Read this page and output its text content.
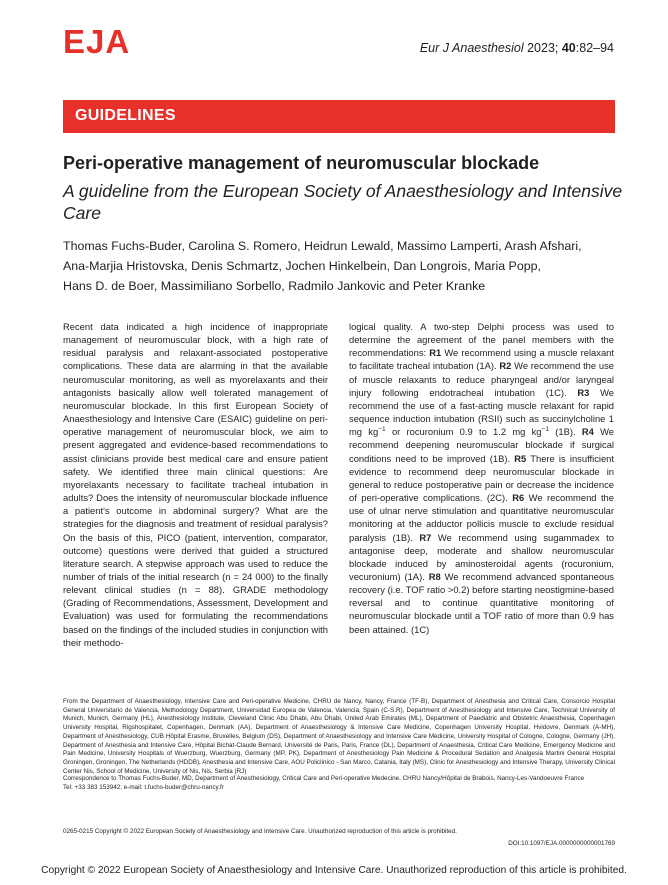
EJA	Eur J Anaesthesiol 2023; 40:82–94
GUIDELINES
Peri-operative management of neuromuscular blockade
A guideline from the European Society of Anaesthesiology and Intensive Care
Thomas Fuchs-Buder, Carolina S. Romero, Heidrun Lewald, Massimo Lamperti, Arash Afshari,
Ana-Marjia Hristovska, Denis Schmartz, Jochen Hinkelbein, Dan Longrois, Maria Popp,
Hans D. de Boer, Massimiliano Sorbello, Radmilo Jankovic and Peter Kranke
Recent data indicated a high incidence of inappropriate management of neuromuscular block, with a high rate of residual paralysis and relaxant-associated postoperative complications. These data are alarming in that the available neuromuscular monitoring, as well as myorelaxants and their antagonists basically allow well tolerated management of neuromuscular blockade. In this first European Society of Anaesthesiology and Intensive Care (ESAIC) guideline on peri-operative management of neuromuscular block, we aim to present aggregated and evidence-based recommendations to assist clinicians provide best medical care and ensure patient safety. We identified three main clinical questions: Are myorelaxants necessary to facilitate tracheal intubation in adults? Does the intensity of neuromuscular blockade influence a patient's outcome in abdominal surgery? What are the strategies for the diagnosis and treatment of residual paralysis? On the basis of this, PICO (patient, intervention, comparator, outcome) questions were derived that guided a structured literature search. A stepwise approach was used to reduce the number of trials of the initial research (n = 24 000) to the finally relevant clinical studies (n = 88). GRADE methodology (Grading of Recommendations, Assessment, Development and Evaluation) was used for formulating the recommendations based on the findings of the included studies in conjunction with their methodo-
logical quality. A two-step Delphi process was used to determine the agreement of the panel members with the recommendations: R1 We recommend using a muscle relaxant to facilitate tracheal intubation (1A). R2 We recommend the use of muscle relaxants to reduce pharyngeal and/or laryngeal injury following endotracheal intubation (1C). R3 We recommend the use of a fast-acting muscle relaxant for rapid sequence induction intubation (RSII) such as succinylcholine 1 mg $kg^{-1}$ or rocuronium 0.9 to 1.2 mg $kg^{-1}$ (1B). R4 We recommend deepening neuromuscular blockade if surgical conditions need to be improved (1B). R5 There is insufficient evidence to recommend deep neuromuscular blockade in general to reduce postoperative pain or decrease the incidence of peri-operative complications. (2C). R6 We recommend the use of ulnar nerve stimulation and quantitative neuromuscular monitoring at the adductor pollicis muscle to exclude residual paralysis (1B). R7 We recommend using sugammadex to antagonise deep, moderate and shallow neuromuscular blockade induced by aminosteroidal agents (rocuronium, vecuronium) (1A). R8 We recommend advanced spontaneous recovery (i.e. TOF ratio >0.2) before starting neostigmine-based reversal and to continue quantitative monitoring of neuromuscular blockade until a TOF ratio of more than 0.9 has been attained. (1C)
From the Department of Anaesthesiology, Intensive Care and Peri-operative Medicine, CHRU de Nancy, Nancy, France (TF-B), Department of Anesthesia and Critical Care, Consorcio Hospital General Universitario de Valencia, Methodology Department, Universidad Europea de Valencia, Valencia, Spain (C-S.R), Department of Anesthesiology and Intensive Care, Technical University of Munich, Munich, Germany (HL), Anesthesiology Institute, Cleveland Clinic Abu Dhabi, Abu Dhabi, United Arab Emirates (ML), Department of Paediatric and Obstetric Anaesthesia, Copenhagen University Hospital, Rigshospitalet, Copenhagen, Denmark (AA), Department of Anaesthesiology & Intensive Care Medicine, Copenhagen University Hospital, Hvidovre, Denmark (A-MH), Department of Anesthesiology, CUB Hôpital Erasme, Bruxelles, Belgium (DS), Department of Anaesthesiology and Intensive Care Medicine, University Hospital of Cologne, Cologne, Germany (JH), Department of Anesthesia and Intensive Care, Hôpital Bichat-Claude Bernard, Université de Paris, Paris, France (DL), Department of Anaesthesia, Critical Care Medicine, Emergency Medicine and Pain Medicine, University Hospitals of Wuerzburg, Wuerzburg, Germany (MP, PK), Department of Anesthesiology Pain Medicine & Procedural Sedation and Analgesia Martini General Hospital Groningen, Groningen, The Netherlands (HDDB), Anesthesia and Intensive Care, AOU Policlinico - San Marco, Catania, Italy (MS), Clinic for Anesthesiology and Intensive Therapy, University Clinical Center Nis, School of Medicine, University of Nis, Nis, Serbia (RJ)
Correspondence to Thomas Fuchs-Buder, MD, Department of Anesthesiology, Critical Care and Peri-operative Medecine, CHRU Nancy/Hôpital de Brabois, Nancy-Les-Vandoeuvre France
Tel: +33 383 153942; e-mail: t.fuchs-buder@chru-nancy.fr
0265-0215 Copyright © 2022 European Society of Anaesthesiology and Intensive Care. Unauthorized reproduction of this article is prohibited.
DOI:10.1097/EJA.0000000000001769
Copyright © 2022 European Society of Anaesthesiology and Intensive Care. Unauthorized reproduction of this article is prohibited.
